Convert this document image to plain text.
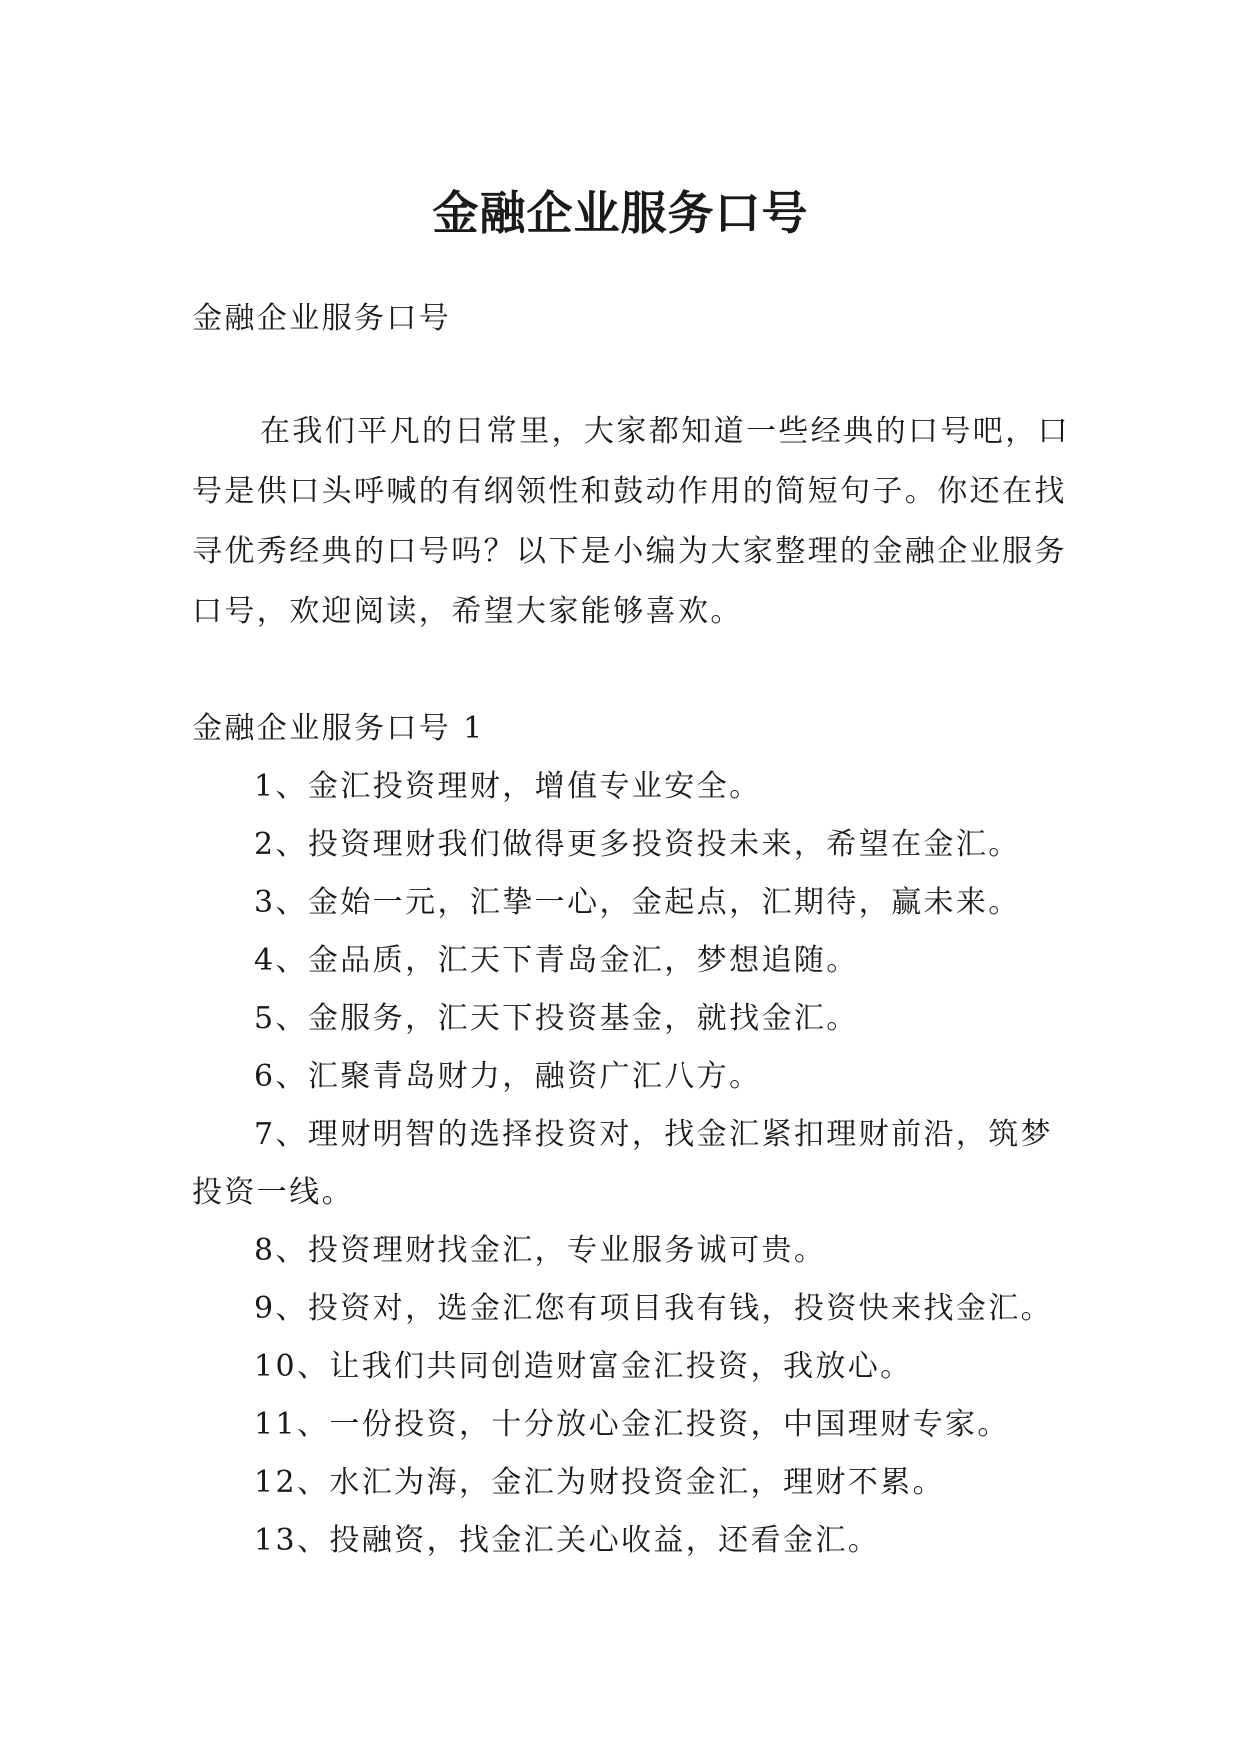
金融企业服务口号

金融企业服务口号

在我们平凡的日常里，大家都知道一些经典的口号吧，口号是供口头呼喊的有纲领性和鼓动作用的简短句子。你还在找寻优秀经典的口号吗？以下是小编为大家整理的金融企业服务口号，欢迎阅读，希望大家能够喜欢。

金融企业服务口号 1

1、金汇投资理财，增值专业安全。
2、投资理财我们做得更多投资投未来，希望在金汇。
3、金始一元，汇挚一心，金起点，汇期待，赢未来。
4、金品质，汇天下青岛金汇，梦想追随。
5、金服务，汇天下投资基金，就找金汇。
6、汇聚青岛财力，融资广汇八方。
7、理财明智的选择投资对，找金汇紧扣理财前沿，筑梦投资一线。
8、投资理财找金汇，专业服务诚可贵。
9、投资对，选金汇您有项目我有钱，投资快来找金汇。
10、让我们共同创造财富金汇投资，我放心。
11、一份投资，十分放心金汇投资，中国理财专家。
12、水汇为海，金汇为财投资金汇，理财不累。
13、投融资，找金汇关心收益，还看金汇。
